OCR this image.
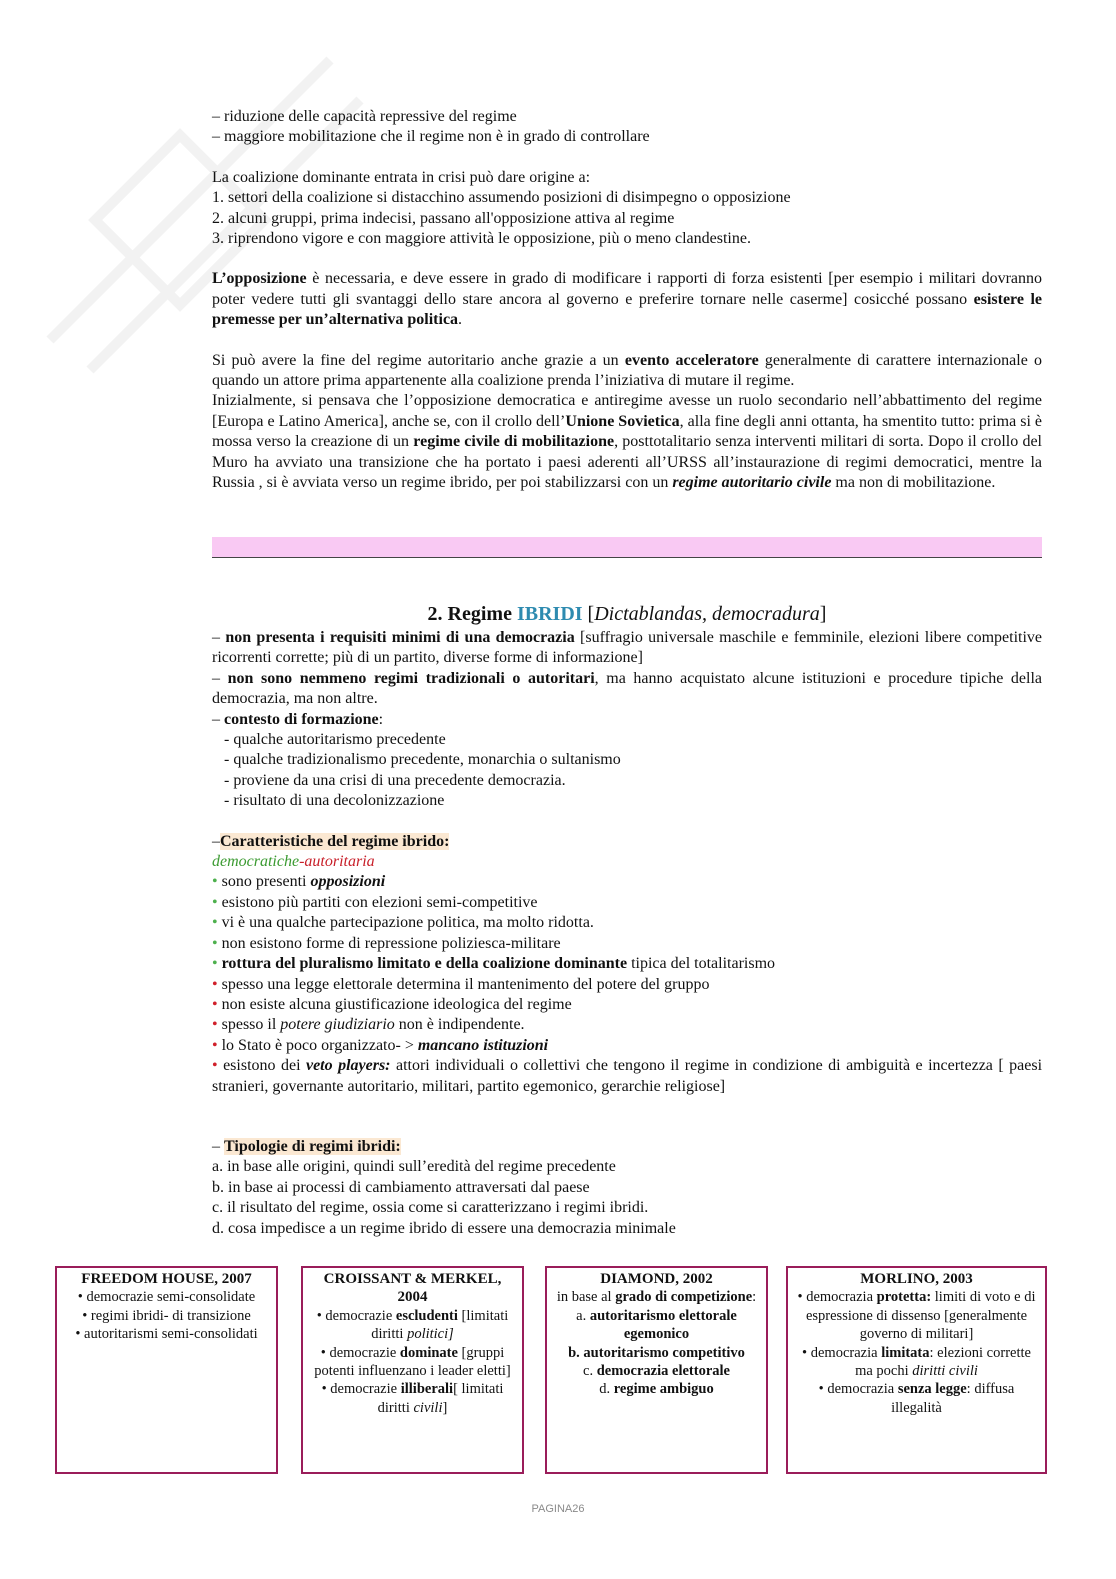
– riduzione delle capacità repressive del regime
– maggiore mobilitazione che il regime non è in grado di controllare
La coalizione dominante entrata in crisi può dare origine a:
1. settori della coalizione si distacchino assumendo posizioni di disimpegno o opposizione
2. alcuni gruppi, prima indecisi, passano all'opposizione attiva al regime
3. riprendono vigore e con maggiore attività le opposizione, più o meno clandestine.

L’opposizione è necessaria, e deve essere in grado di modificare i rapporti di forza esistenti [per esempio i militari dovranno poter vedere tutti gli svantaggi dello stare ancora al governo e preferire tornare nelle caserme] cosicché possano esistere le premesse per un’alternativa politica.

Si può avere la fine del regime autoritario anche grazie a un evento acceleratore generalmente di carattere internazionale o quando un attore prima appartenente alla coalizione prenda l’iniziativa di mutare il regime.

Inizialmente, si pensava che l’opposizione democratica e antiregime avesse un ruolo secondario nell’abbattimento del regime [Europa e Latino America], anche se, con il crollo dell’Unione Sovietica, alla fine degli anni ottanta, ha smentito tutto: prima si è mossa verso la creazione di un regime civile di mobilitazione, posttotalitario senza interventi militari di sorta. Dopo il crollo del Muro ha avviato una transizione che ha portato i paesi aderenti all’URSS all’instaurazione di regimi democratici, mentre la Russia , si è avviata verso un regime ibrido, per poi stabilizzarsi con un regime autoritario civile ma non di mobilitazione.

2. Regime IBRIDI [Dictablandas, democradura]

– non presenta i requisiti minimi di una democrazia [suffragio universale maschile e femminile, elezioni libere competitive ricorrenti corrette; più di un partito, diverse forme di informazione]

– non sono nemmeno regimi tradizionali o autoritari, ma hanno acquistato alcune istituzioni e procedure tipiche della democrazia, ma non altre.

– contesto di formazione:

- qualche autoritarismo precedente
- qualche tradizionalismo precedente, monarchia o sultanismo
- proviene da una crisi di una precedente democrazia.
- risultato di una decolonizzazione

–Caratteristiche del regime ibrido:

democratiche-autoritaria

• sono presenti opposizioni

• esistono più partiti con elezioni semi-competitive

• vi è una qualche partecipazione politica, ma molto ridotta.

• non esistono forme di repressione poliziesca-militare

• rottura del pluralismo limitato e della coalizione dominante tipica del totalitarismo

• spesso una legge elettorale determina il mantenimento del potere del gruppo

• non esiste alcuna giustificazione ideologica del regime

• spesso il potere giudiziario non è indipendente.

• lo Stato è poco organizzato- > mancano istituzioni

• esistono dei veto players: attori individuali o collettivi che tengono il regime in condizione di ambiguità e incertezza [ paesi stranieri, governante autoritario, militari, partito egemonico, gerarchie religiose]

– Tipologie di regimi ibridi:

a. in base alle origini, quindi sull’eredità del regime precedente
b. in base ai processi di cambiamento attraversati dal paese
c. il risultato del regime, ossia come si caratterizzano i regimi ibridi.
d. cosa impedisce a un regime ibrido di essere una democrazia minimale
FREEDOM HOUSE, 2007
• democrazie semi-consolidate
• regimi ibridi- di transizione
• autoritarismi semi-consolidati
CROISSANT & MERKEL, 2004
• democrazie escludenti [limitati diritti politici]
• democrazie dominate [gruppi potenti influenzano i leader eletti]
• democrazie illiberali[ limitati diritti civili]
DIAMOND, 2002
in base al grado di competizione:
a. autoritarismo elettorale egemonico
b. autoritarismo competitivo
c. democrazia elettorale
d. regime ambiguo
MORLINO, 2003
• democrazia protetta: limiti di voto e di espressione di dissenso [generalmente governo di militari]
• democrazia limitata: elezioni corrette ma pochi diritti civili
• democrazia senza legge: diffusa illegalità
PAGINA26
